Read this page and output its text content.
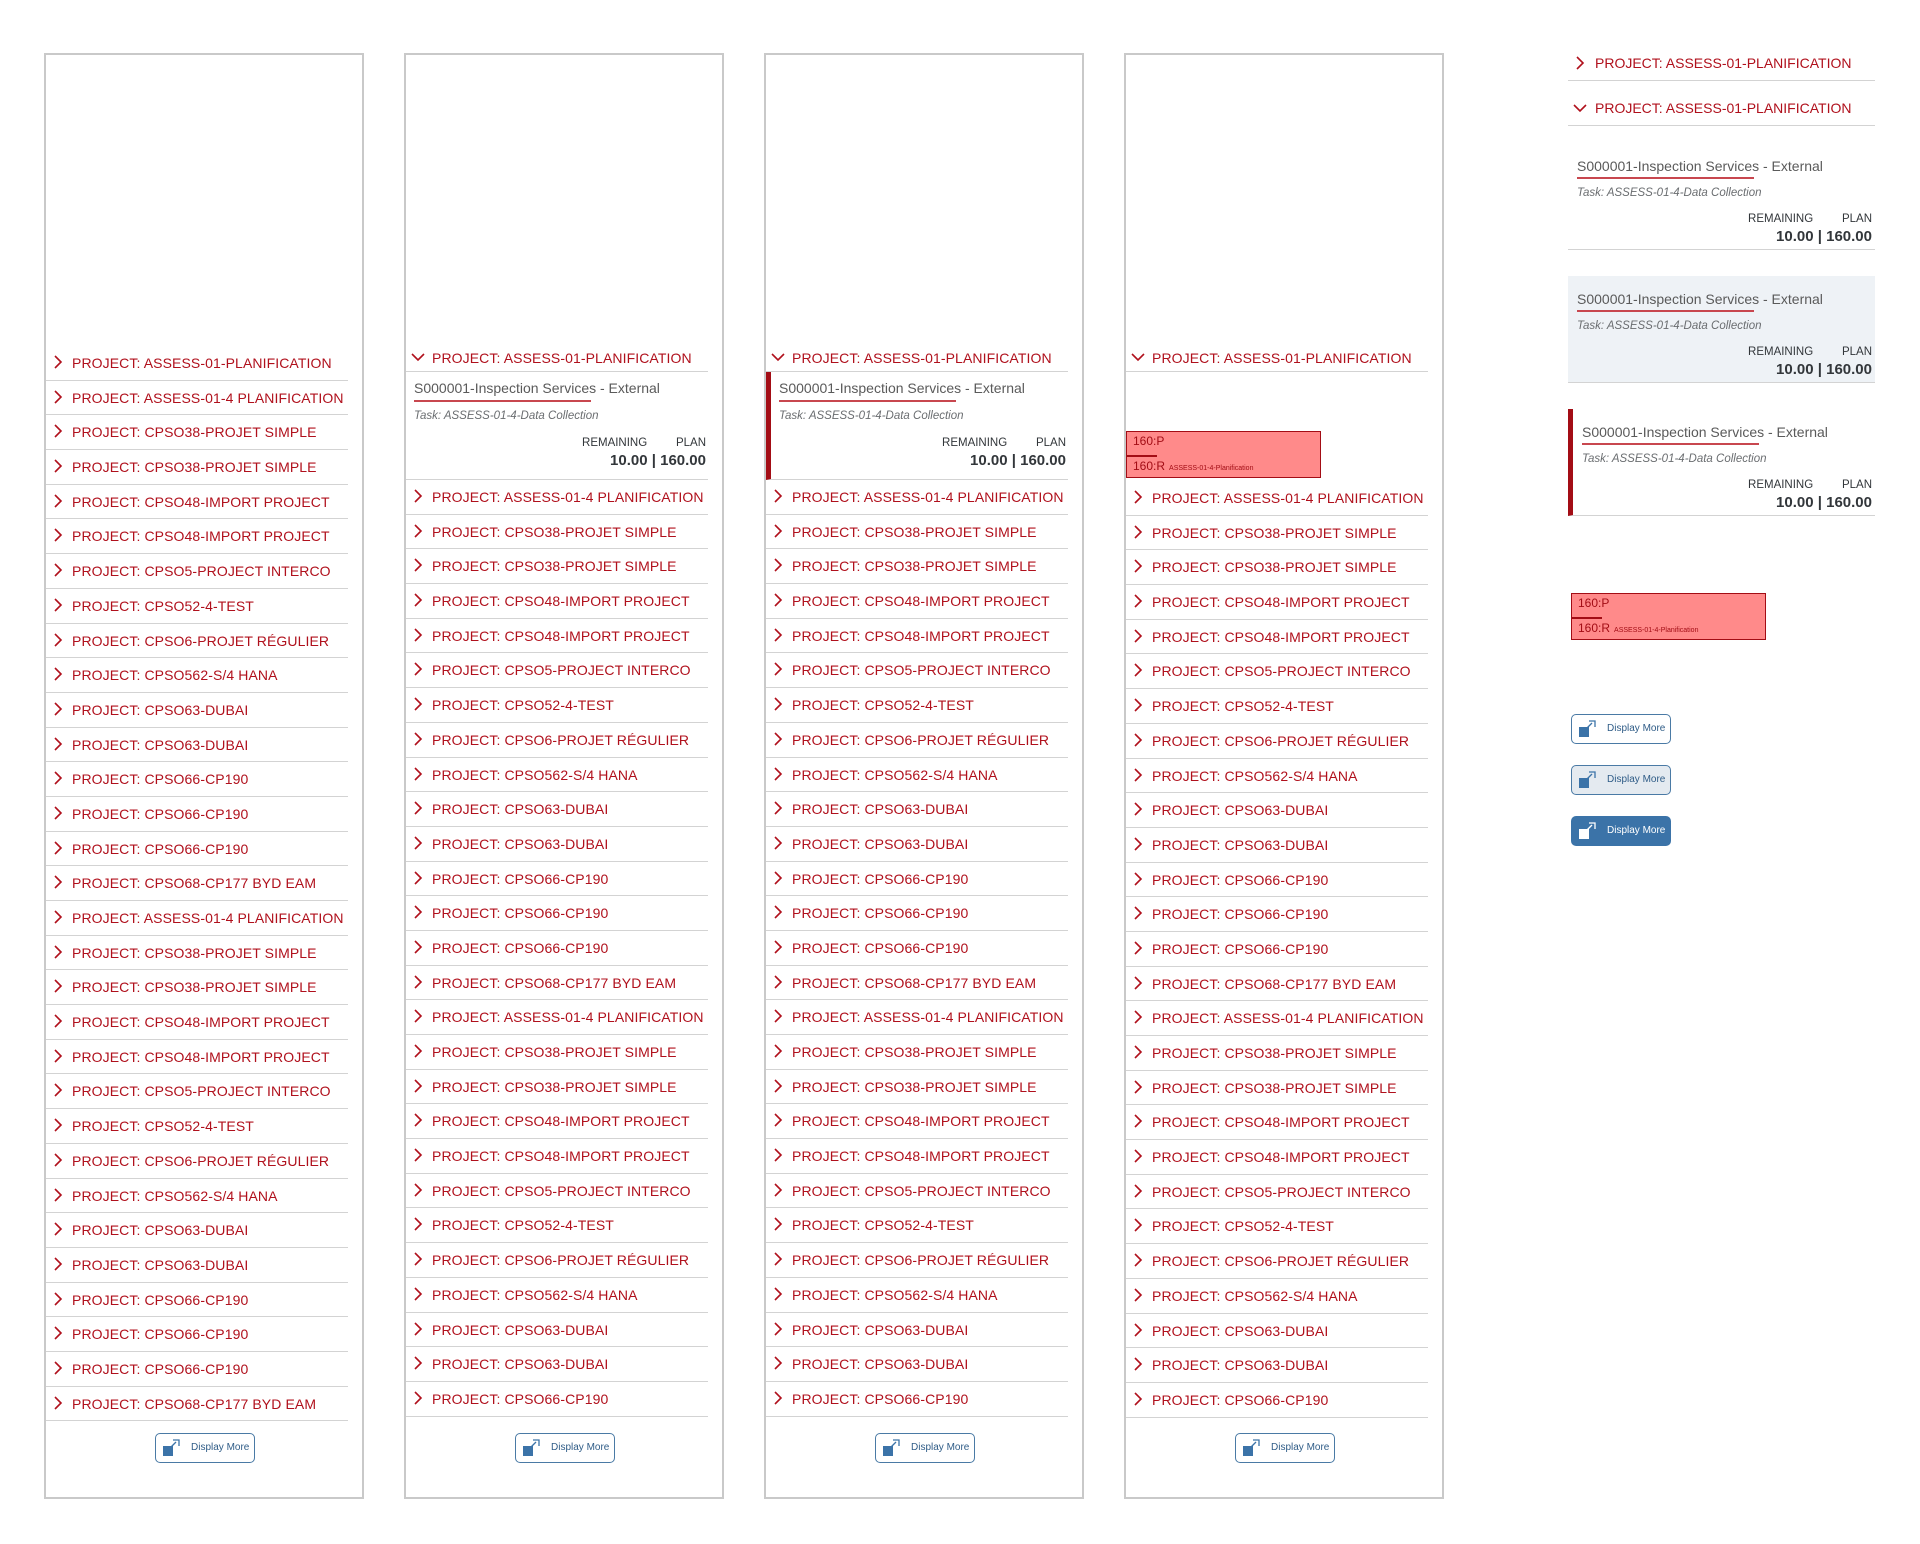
PROJECT: ASSESS-01-PLANIFICATION
PROJECT: ASSESS-01-4 PLANIFICATION
PROJECT: CPSO38-PROJET SIMPLE
PROJECT: CPSO38-PROJET SIMPLE
PROJECT: CPSO48-IMPORT PROJECT
PROJECT: CPSO48-IMPORT PROJECT
PROJECT: CPSO5-PROJECT INTERCO
PROJECT: CPSO52-4-TEST
PROJECT: CPSO6-PROJET RÉGULIER
PROJECT: CPSO562-S/4 HANA
PROJECT: CPSO63-DUBAI
PROJECT: CPSO63-DUBAI
PROJECT: CPSO66-CP190
PROJECT: CPSO66-CP190
PROJECT: CPSO66-CP190
PROJECT: CPSO68-CP177 BYD EAM
PROJECT: ASSESS-01-4 PLANIFICATION
PROJECT: CPSO38-PROJET SIMPLE
PROJECT: CPSO38-PROJET SIMPLE
PROJECT: CPSO48-IMPORT PROJECT
PROJECT: CPSO48-IMPORT PROJECT
PROJECT: CPSO5-PROJECT INTERCO
PROJECT: CPSO52-4-TEST
PROJECT: CPSO6-PROJET RÉGULIER
PROJECT: CPSO562-S/4 HANA
PROJECT: CPSO63-DUBAI
PROJECT: CPSO63-DUBAI
PROJECT: CPSO66-CP190
PROJECT: CPSO66-CP190
PROJECT: CPSO66-CP190
PROJECT: CPSO68-CP177 BYD EAM
Display More
PROJECT: ASSESS-01-PLANIFICATION
S000001-Inspection Services - External
Task: ASSESS-01-4-Data Collection
REMAINING	PLAN
10.00 | 160.00
PROJECT: ASSESS-01-4 PLANIFICATION
PROJECT: CPSO38-PROJET SIMPLE
PROJECT: CPSO38-PROJET SIMPLE
PROJECT: CPSO48-IMPORT PROJECT
PROJECT: CPSO48-IMPORT PROJECT
PROJECT: CPSO5-PROJECT INTERCO
PROJECT: CPSO52-4-TEST
PROJECT: CPSO6-PROJET RÉGULIER
PROJECT: CPSO562-S/4 HANA
PROJECT: CPSO63-DUBAI
PROJECT: CPSO63-DUBAI
PROJECT: CPSO66-CP190
PROJECT: CPSO66-CP190
PROJECT: CPSO66-CP190
PROJECT: CPSO68-CP177 BYD EAM
PROJECT: ASSESS-01-4 PLANIFICATION
PROJECT: CPSO38-PROJET SIMPLE
PROJECT: CPSO38-PROJET SIMPLE
PROJECT: CPSO48-IMPORT PROJECT
PROJECT: CPSO48-IMPORT PROJECT
PROJECT: CPSO5-PROJECT INTERCO
PROJECT: CPSO52-4-TEST
PROJECT: CPSO6-PROJET RÉGULIER
PROJECT: CPSO562-S/4 HANA
PROJECT: CPSO63-DUBAI
PROJECT: CPSO63-DUBAI
PROJECT: CPSO66-CP190
Display More
PROJECT: ASSESS-01-PLANIFICATION
S000001-Inspection Services - External
Task: ASSESS-01-4-Data Collection
REMAINING	PLAN
10.00 | 160.00
PROJECT: ASSESS-01-4 PLANIFICATION
PROJECT: CPSO38-PROJET SIMPLE
PROJECT: CPSO38-PROJET SIMPLE
PROJECT: CPSO48-IMPORT PROJECT
PROJECT: CPSO48-IMPORT PROJECT
PROJECT: CPSO5-PROJECT INTERCO
PROJECT: CPSO52-4-TEST
PROJECT: CPSO6-PROJET RÉGULIER
PROJECT: CPSO562-S/4 HANA
PROJECT: CPSO63-DUBAI
PROJECT: CPSO63-DUBAI
PROJECT: CPSO66-CP190
PROJECT: CPSO66-CP190
PROJECT: CPSO66-CP190
PROJECT: CPSO68-CP177 BYD EAM
PROJECT: ASSESS-01-4 PLANIFICATION
PROJECT: CPSO38-PROJET SIMPLE
PROJECT: CPSO38-PROJET SIMPLE
PROJECT: CPSO48-IMPORT PROJECT
PROJECT: CPSO48-IMPORT PROJECT
PROJECT: CPSO5-PROJECT INTERCO
PROJECT: CPSO52-4-TEST
PROJECT: CPSO6-PROJET RÉGULIER
PROJECT: CPSO562-S/4 HANA
PROJECT: CPSO63-DUBAI
PROJECT: CPSO63-DUBAI
PROJECT: CPSO66-CP190
Display More
PROJECT: ASSESS-01-PLANIFICATION
160:P
160:R ASSESS-01-4-Planification
PROJECT: ASSESS-01-4 PLANIFICATION
PROJECT: CPSO38-PROJET SIMPLE
PROJECT: CPSO38-PROJET SIMPLE
PROJECT: CPSO48-IMPORT PROJECT
PROJECT: CPSO48-IMPORT PROJECT
PROJECT: CPSO5-PROJECT INTERCO
PROJECT: CPSO52-4-TEST
PROJECT: CPSO6-PROJET RÉGULIER
PROJECT: CPSO562-S/4 HANA
PROJECT: CPSO63-DUBAI
PROJECT: CPSO63-DUBAI
PROJECT: CPSO66-CP190
PROJECT: CPSO66-CP190
PROJECT: CPSO66-CP190
PROJECT: CPSO68-CP177 BYD EAM
PROJECT: ASSESS-01-4 PLANIFICATION
PROJECT: CPSO38-PROJET SIMPLE
PROJECT: CPSO38-PROJET SIMPLE
PROJECT: CPSO48-IMPORT PROJECT
PROJECT: CPSO48-IMPORT PROJECT
PROJECT: CPSO5-PROJECT INTERCO
PROJECT: CPSO52-4-TEST
PROJECT: CPSO6-PROJET RÉGULIER
PROJECT: CPSO562-S/4 HANA
PROJECT: CPSO63-DUBAI
PROJECT: CPSO63-DUBAI
PROJECT: CPSO66-CP190
Display More
PROJECT: ASSESS-01-PLANIFICATION
PROJECT: ASSESS-01-PLANIFICATION
S000001-Inspection Services - External
Task: ASSESS-01-4-Data Collection
REMAINING	PLAN
10.00 | 160.00
S000001-Inspection Services - External
Task: ASSESS-01-4-Data Collection
REMAINING	PLAN
10.00 | 160.00
S000001-Inspection Services - External
Task: ASSESS-01-4-Data Collection
REMAINING	PLAN
10.00 | 160.00
160:P
160:R ASSESS-01-4-Planification
Display More
Display More
Display More
